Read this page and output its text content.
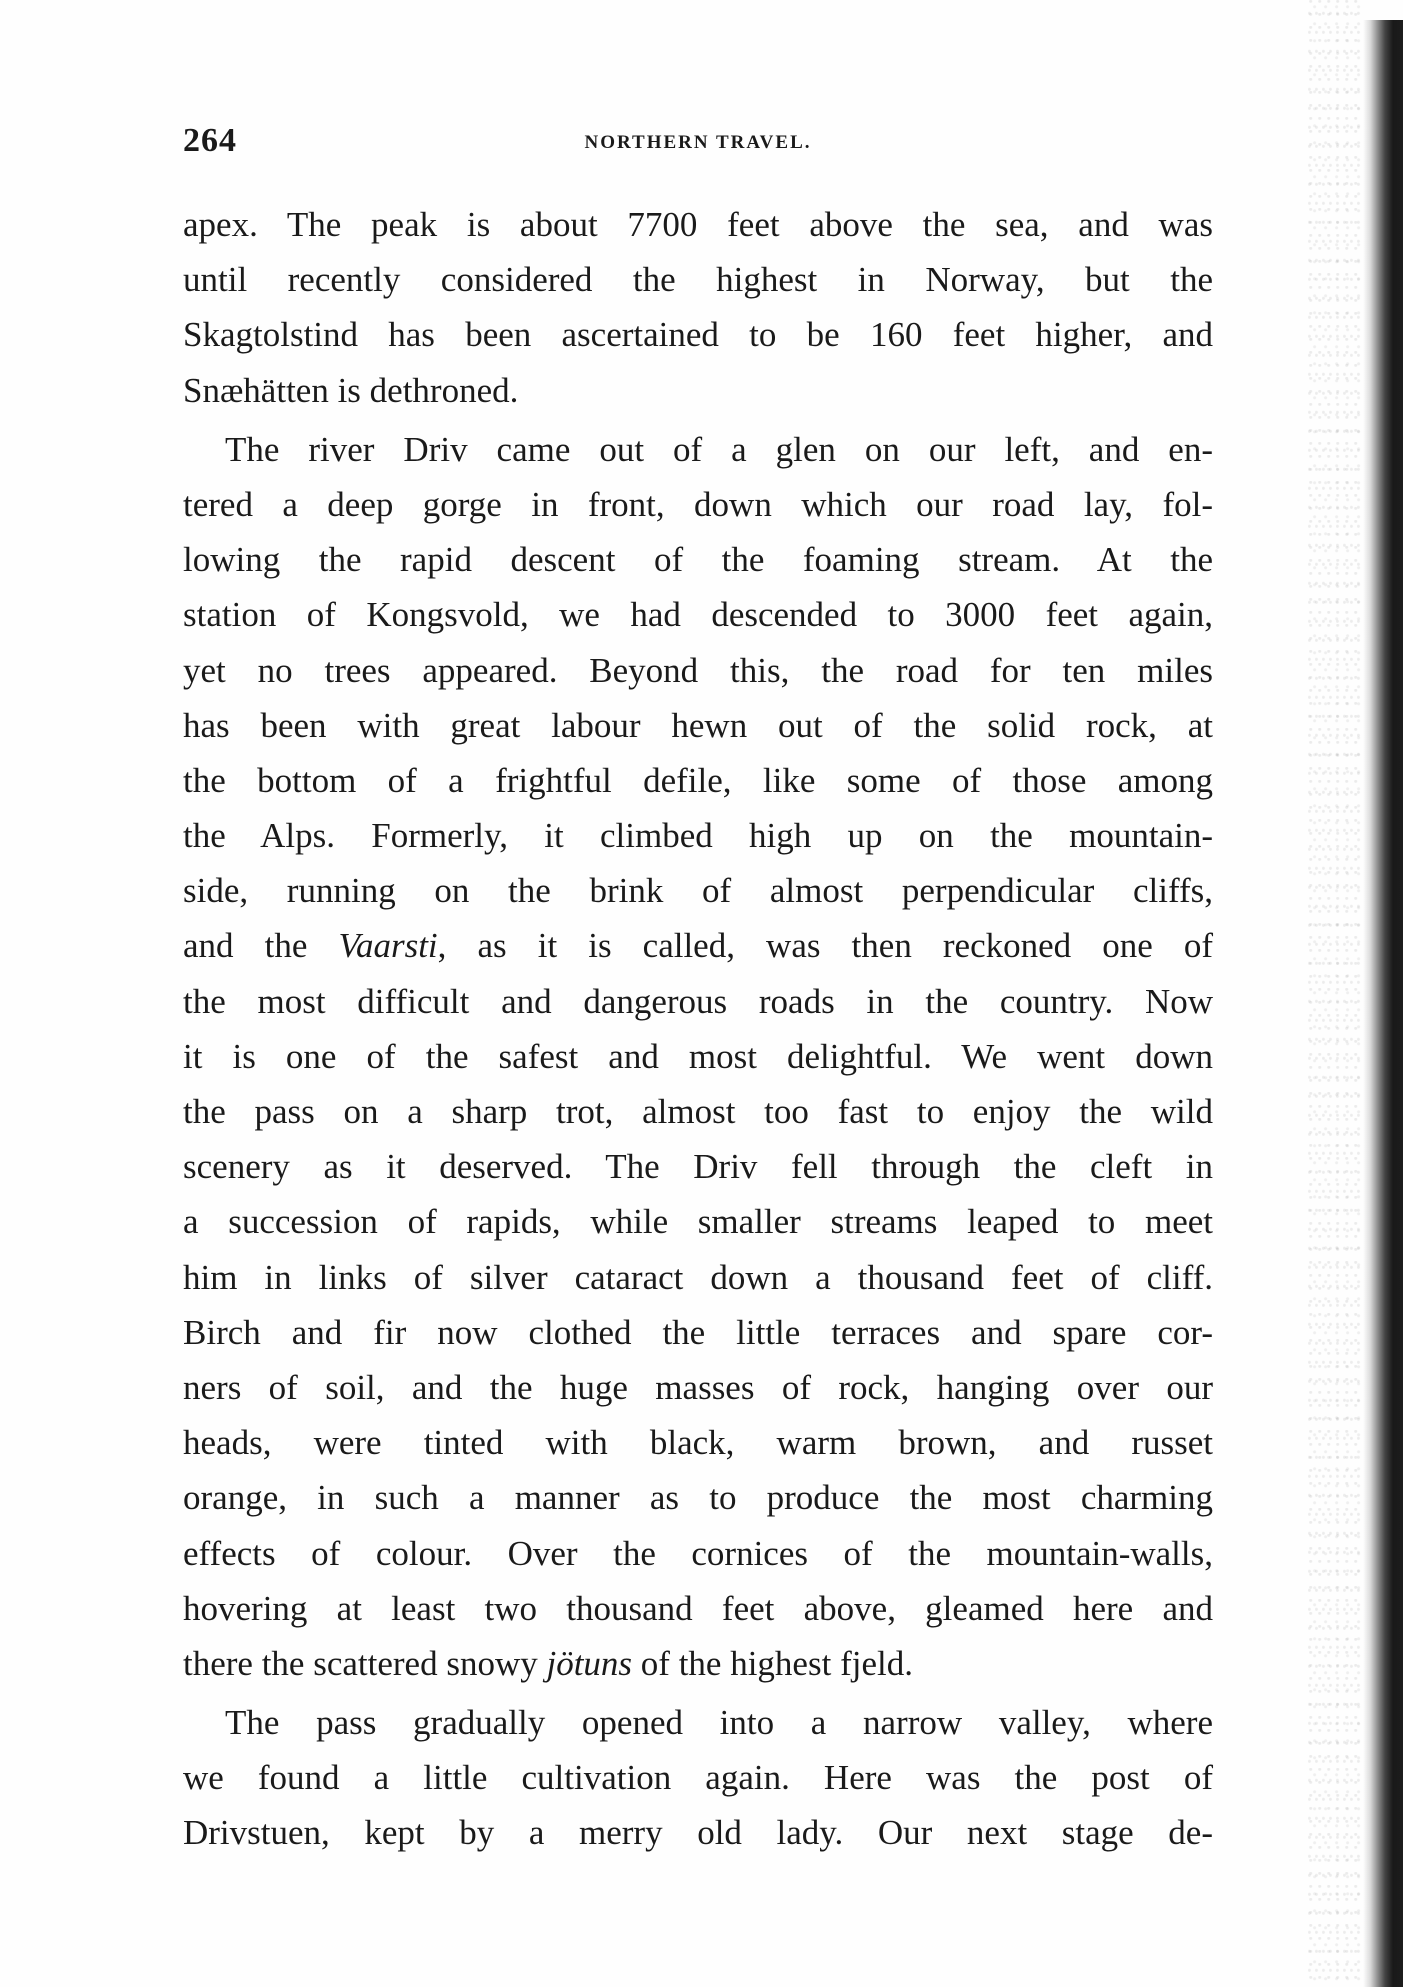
264	NORTHERN TRAVEL.
apex. The peak is about 7700 feet above the sea, and was
until recently considered the highest in Norway, but the
Skagtolstind has been ascertained to be 160 feet higher, and
Snæhätten is dethroned.
The river Driv came out of a glen on our left, and en-
tered a deep gorge in front, down which our road lay, fol-
lowing the rapid descent of the foaming stream. At the
station of Kongsvold, we had descended to 3000 feet again,
yet no trees appeared. Beyond this, the road for ten miles
has been with great labour hewn out of the solid rock, at
the bottom of a frightful defile, like some of those among
the Alps. Formerly, it climbed high up on the mountain-
side, running on the brink of almost perpendicular cliffs,
and the Vaarsti, as it is called, was then reckoned one of
the most difficult and dangerous roads in the country. Now
it is one of the safest and most delightful. We went down
the pass on a sharp trot, almost too fast to enjoy the wild
scenery as it deserved. The Driv fell through the cleft in
a succession of rapids, while smaller streams leaped to meet
him in links of silver cataract down a thousand feet of cliff.
Birch and fir now clothed the little terraces and spare cor-
ners of soil, and the huge masses of rock, hanging over our
heads, were tinted with black, warm brown, and russet
orange, in such a manner as to produce the most charming
effects of colour. Over the cornices of the mountain-walls,
hovering at least two thousand feet above, gleamed here and
there the scattered snowy jötuns of the highest fjeld.
The pass gradually opened into a narrow valley, where
we found a little cultivation again. Here was the post of
Drivstuen, kept by a merry old lady. Our next stage de-
